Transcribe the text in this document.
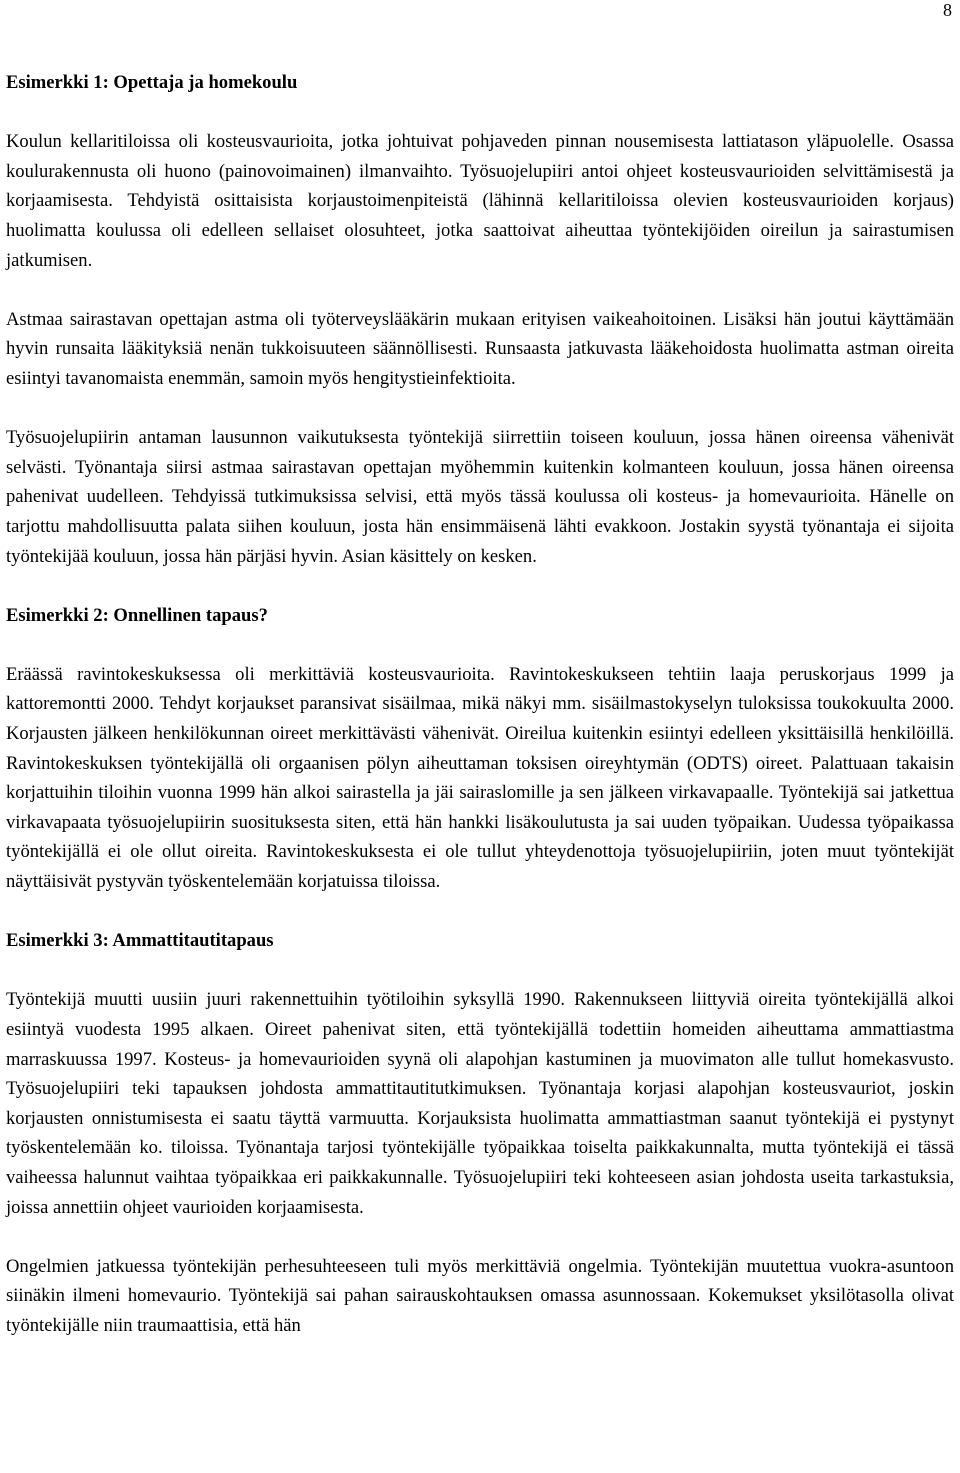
8
Esimerkki 1: Opettaja ja homekoulu

Koulun kellaritiloissa oli kosteusvaurioita, jotka johtuivat pohjaveden pinnan nousemisesta lattiatason yläpuolelle. Osassa koulurakennusta oli huono (painovoimainen) ilmanvaihto. Työsuojelupiiri antoi ohjeet kosteusvaurioiden selvittämisestä ja korjaamisesta. Tehdyistä osittaisista korjaustoimenpiteistä (lähinnä kellaritiloissa olevien kosteusvaurioiden korjaus) huolimatta koulussa oli edelleen sellaiset olosuhteet, jotka saattoivat aiheuttaa työntekijöiden oireilun ja sairastumisen jatkumisen.

Astmaa sairastavan opettajan astma oli työterveyslääkärin mukaan erityisen vaikeahoitoinen. Lisäksi hän joutui käyttämään hyvin runsaita lääkityksiä nenän tukkoisuuteen säännöllisesti. Runsaasta jatkuvasta lääkehoidosta huolimatta astman oireita esiintyi tavanomaista enemmän, samoin myös hengitystieinfektioita.

Työsuojelupiirin antaman lausunnon vaikutuksesta työntekijä siirrettiin toiseen kouluun, jossa hänen oireensa vähenivät selvästi. Työnantaja siirsi astmaa sairastavan opettajan myöhemmin kuitenkin kolmanteen kouluun, jossa hänen oireensa pahenivat uudelleen. Tehdyissä tutkimuksissa selvisi, että myös tässä koulussa oli kosteus- ja homevaurioita. Hänelle on tarjottu mahdollisuutta palata siihen kouluun, josta hän ensimmäisenä lähti evakkoon. Jostakin syystä työnantaja ei sijoita työntekijää kouluun, jossa hän pärjäsi hyvin. Asian käsittely on kesken.

Esimerkki 2: Onnellinen tapaus?

Eräässä ravintokeskuksessa oli merkittäviä kosteusvaurioita. Ravintokeskukseen tehtiin laaja peruskorjaus 1999 ja kattoremontti 2000. Tehdyt korjaukset paransivat sisäilmaa, mikä näkyi mm. sisäilmastokyselyn tuloksissa toukokuulta 2000. Korjausten jälkeen henkilökunnan oireet merkittävästi vähenivät. Oireilua kuitenkin esiintyi edelleen yksittäisillä henkilöillä. Ravintokeskuksen työntekijällä oli orgaanisen pölyn aiheuttaman toksisen oireyhtymän (ODTS) oireet. Palattuaan takaisin korjattuihin tiloihin vuonna 1999 hän alkoi sairastella ja jäi sairaslomille ja sen jälkeen virkavapaalle. Työntekijä sai jatkettua virkavapaata työsuojelupiirin suosituksesta siten, että hän hankki lisäkoulutusta ja sai uuden työpaikan. Uudessa työpaikassa työntekijällä ei ole ollut oireita. Ravintokeskuksesta ei ole tullut yhteydenottoja työsuojelupiiriin, joten muut työntekijät näyttäisivät pystyvän työskentelemään korjatuissa tiloissa.

Esimerkki 3: Ammattitautitapaus

Työntekijä muutti uusiin juuri rakennettuihin työtiloihin syksyllä 1990. Rakennukseen liittyviä oireita työntekijällä alkoi esiintyä vuodesta 1995 alkaen. Oireet pahenivat siten, että työntekijällä todettiin homeiden aiheuttama ammattiastma marraskuussa 1997. Kosteus- ja homevaurioiden syynä oli alapohjan kastuminen ja muovimaton alle tullut homekasvusto. Työsuojelupiiri teki tapauksen johdosta ammattitautitutkimuksen. Työnantaja korjasi alapohjan kosteusvauriot, joskin korjausten onnistumisesta ei saatu täyttä varmuutta. Korjauksista huolimatta ammattiastman saanut työntekijä ei pystynyt työskentelemään ko. tiloissa. Työnantaja tarjosi työntekijälle työpaikkaa toiselta paikkakunnalta, mutta työntekijä ei tässä vaiheessa halunnut vaihtaa työpaikkaa eri paikkakunnalle. Työsuojelupiiri teki kohteeseen asian johdosta useita tarkastuksia, joissa annettiin ohjeet vaurioiden korjaamisesta.

Ongelmien jatkuessa työntekijän perhesuhteeseen tuli myös merkittäviä ongelmia. Työntekijän muutettua vuokra-asuntoon siinäkin ilmeni homevaurio. Työntekijä sai pahan sairauskohtauksen omassa asunnossaan. Kokemukset yksilötasolla olivat työntekijälle niin traumaattisia, että hän
